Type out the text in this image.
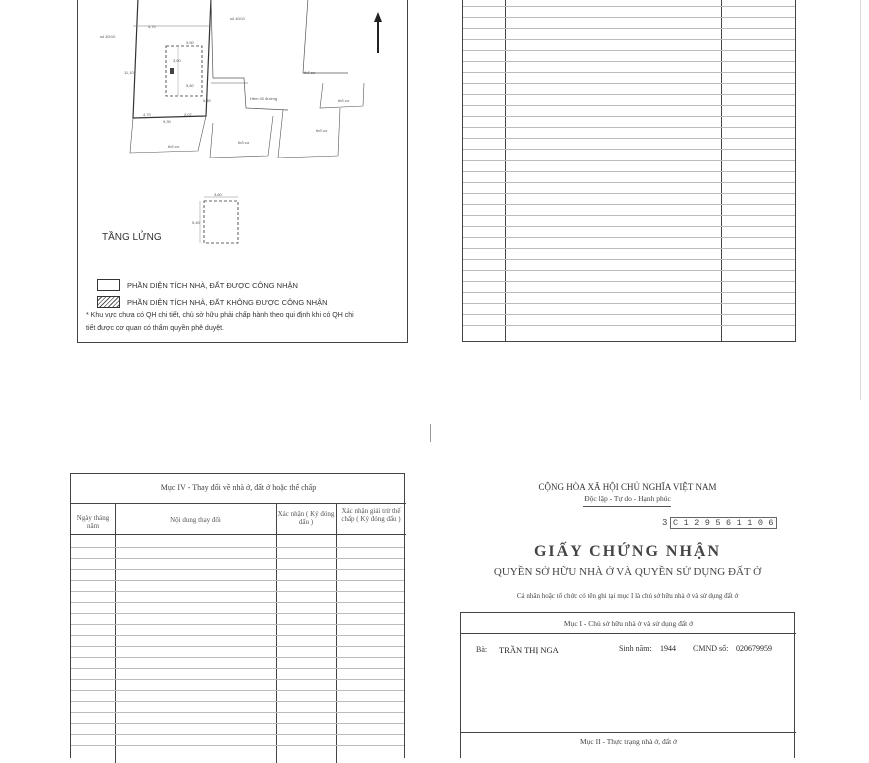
số 40/10
số 40/11
Hẻm 40 đường
4,70
3,50
11,10
5,60
4,70	2,07
9,30
3,60
5,40
thổ cư
thổ cư
thổ cư
thổ cư
thổ cư
3,60
5,40
TẦNG LỬNG
PHẦN DIỆN TÍCH NHÀ, ĐẤT ĐƯỢC CÔNG NHẬN
PHẦN DIỆN TÍCH NHÀ, ĐẤT KHÔNG ĐƯỢC CÔNG NHẬN
* Khu vực chưa có QH chi tiết, chủ sở hữu phải chấp hành theo qui định khi có QH chi
tiết được cơ quan có thẩm quyền phê duyệt.
Mục IV - Thay đổi về nhà ở, đất ở hoặc thế chấp
Ngày tháng năm
Nội dung thay đổi
Xác nhận ( Ký đóng dấu )
Xác nhận giải trừ thế chấp ( Ký đóng dấu )
CỘNG HÒA XÃ HỘI CHỦ NGHĨA VIỆT NAM
Độc lập - Tự do - Hạnh phúc
3 C 1 2 9 5 6 1 1 0 6
GIẤY CHỨNG NHẬN
QUYỀN SỞ HỮU NHÀ Ở VÀ QUYỀN SỬ DỤNG ĐẤT Ở
Cá nhân hoặc tổ chức có tên ghi tại mục I là chủ sở hữu nhà ở và sử dụng đất ở
Mục I - Chủ sở hữu nhà ở và sử dụng đất ở
Bà: TRẦN THỊ NGA	Sinh năm: 1944 CMND số: 020679959
Mục II - Thực trạng nhà ở, đất ở
